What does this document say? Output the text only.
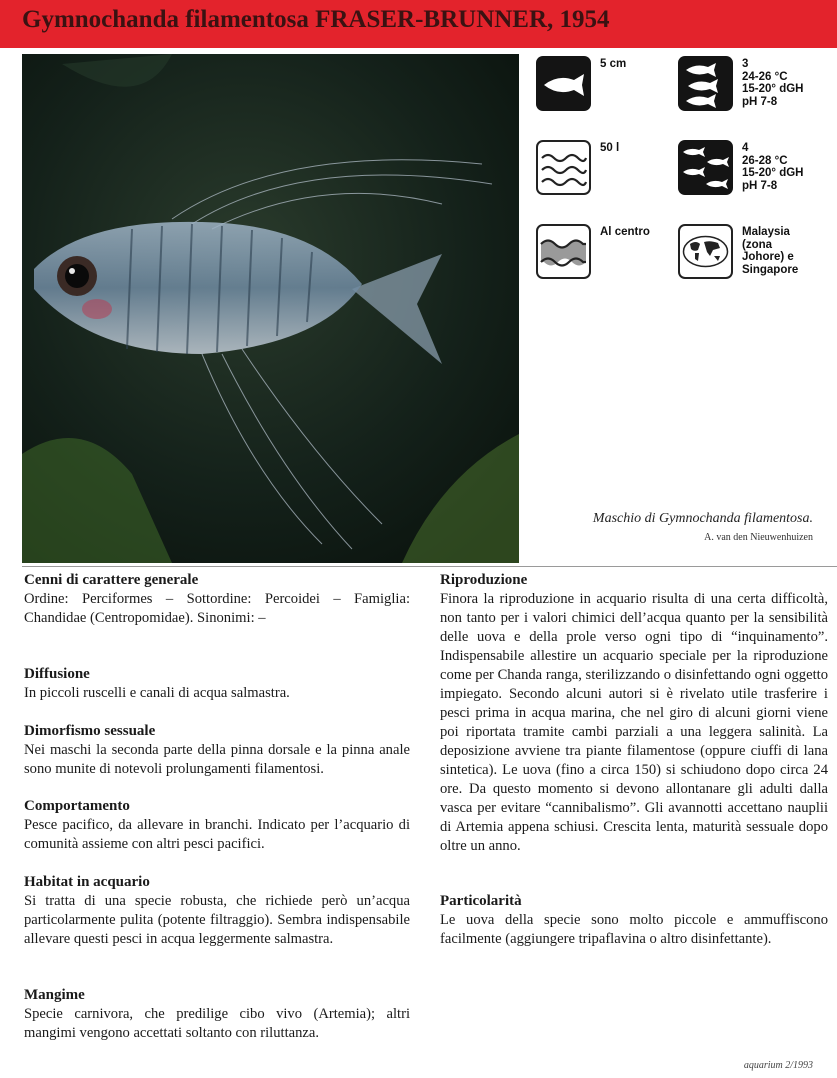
Gymnochanda filamentosa FRASER-BRUNNER, 1954
5 cm	3
24-26 °C
15-20° dGH
pH 7-8
50 l	4
26-28 °C
15-20° dGH
pH 7-8
Al centro	Malaysia
(zona
Johore) e
Singapore
Maschio di Gymnochanda filamentosa.
A. van den Nieuwenhuizen
Cenni di carattere generale

Ordine: Perciformes – Sottordine: Percoidei – Famiglia: Chandidae (Centropomidae). Sinonimi: –

Diffusione

In piccoli ruscelli e canali di acqua salmastra.

Dimorfismo sessuale

Nei maschi la seconda parte della pinna dorsale e la pinna anale sono munite di notevoli prolungamenti filamentosi.

Comportamento

Pesce pacifico, da allevare in branchi. Indicato per l’acquario di comunità assieme con altri pesci pacifici.

Habitat in acquario

Si tratta di una specie robusta, che richiede però un’acqua particolarmente pulita (potente filtraggio). Sembra indispensabile allevare questi pesci in acqua leggermente salmastra.

Mangime

Specie carnivora, che predilige cibo vivo (Artemia); altri mangimi vengono accettati soltanto con riluttanza.

Riproduzione

Finora la riproduzione in acquario risulta di una certa difficoltà, non tanto per i valori chimici dell’acqua quanto per la sensibilità delle uova e della prole verso ogni tipo di “inquinamento”. Indispensabile allestire un acquario speciale per la riproduzione come per Chanda ranga, sterilizzando o disinfettando ogni oggetto impiegato. Secondo alcuni autori si è rivelato utile trasferire i pesci prima in acqua marina, che nel giro di alcuni giorni viene poi riportata tramite cambi parziali a una leggera salinità. La deposizione avviene tra piante filamentose (oppure ciuffi di lana sintetica). Le uova (fino a circa 150) si schiudono dopo circa 24 ore. Da questo momento si devono allontanare gli adulti dalla vasca per evitare “cannibalismo”. Gli avannotti accettano nauplii di Artemia appena schiusi. Crescita lenta, maturità sessuale dopo oltre un anno.

Particolarità

Le uova della specie sono molto piccole e ammuffiscono facilmente (aggiungere tripaflavina o altro disinfettante).

aquarium 2/1993
